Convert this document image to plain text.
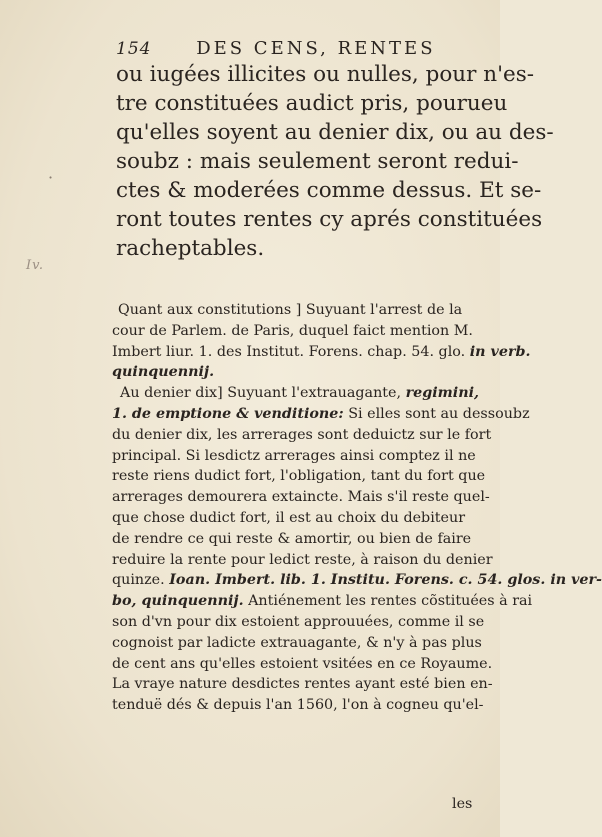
154 DES CENS, RENTES
·
Iv.
ou iugées illicites ou nulles, pour n'es-
tre constituées audict pris, pourueu
qu'elles soyent au denier dix, ou au des-
soubz : mais seulement seront redui-
ctes & moderées comme dessus. Et se-
ront toutes rentes cy aprés constituées
racheptables.
Quant aux constitutions ] Suyuant l'arrest de la
cour de Parlem. de Paris, duquel faict mention M.
Imbert liur. 1. des Institut. Forens. chap. 54. glo. in verb.
quinquennij.
Au denier dix] Suyuant l'extrauagante, regimini,
1. de emptione & venditione: Si elles sont au dessoubz
du denier dix, les arrerages sont deduictz sur le fort
principal. Si lesdictz arrerages ainsi comptez il ne
reste riens dudict fort, l'obligation, tant du fort que
arrerages demourera extaincte. Mais s'il reste quel-
que chose dudict fort, il est au choix du debiteur
de rendre ce qui reste & amortir, ou bien de faire
reduire la rente pour ledict reste, à raison du denier
quinze. Ioan. Imbert. lib. 1. Institu. Forens. c. 54. glos. in ver-
bo, quinquennij. Antiénement les rentes cõstituées à rai
son d'vn pour dix estoient approuuées, comme il se
cognoist par ladicte extrauagante, & n'y à pas plus
de cent ans qu'elles estoient vsitées en ce Royaume.
La vraye nature desdictes rentes ayant esté bien en-
tenduë dés & depuis l'an 1560, l'on à cogneu qu'el-
les
